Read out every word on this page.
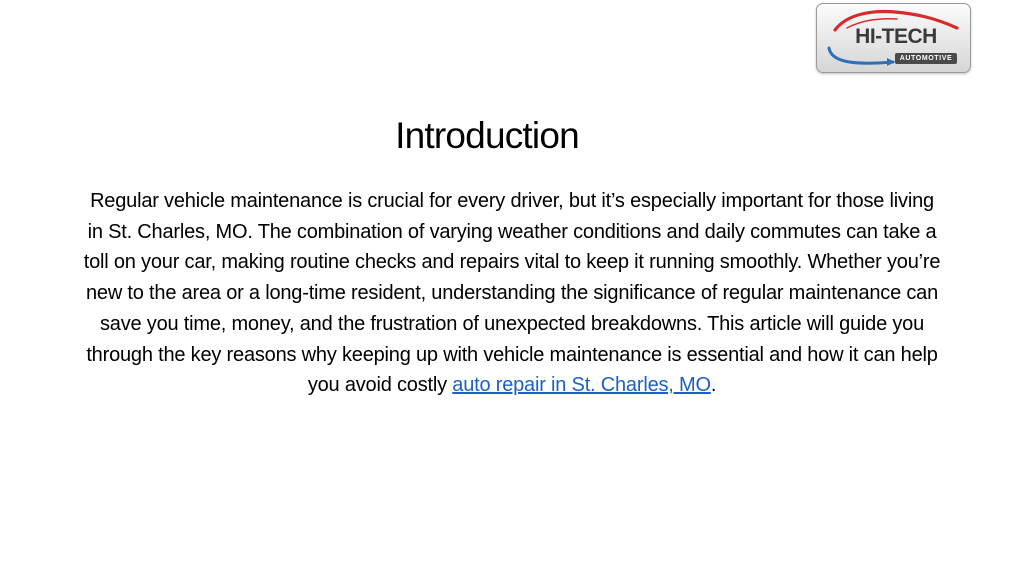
HI-TECH
AUTOMOTIVE
Introduction

Regular vehicle maintenance is crucial for every driver, but it’s especially important for those living in St. Charles, MO. The combination of varying weather conditions and daily commutes can take a toll on your car, making routine checks and repairs vital to keep it running smoothly. Whether you’re new to the area or a long-time resident, understanding the significance of regular maintenance can save you time, money, and the frustration of unexpected breakdowns. This article will guide you through the key reasons why keeping up with vehicle maintenance is essential and how it can help you avoid costly auto repair in St. Charles, MO.
